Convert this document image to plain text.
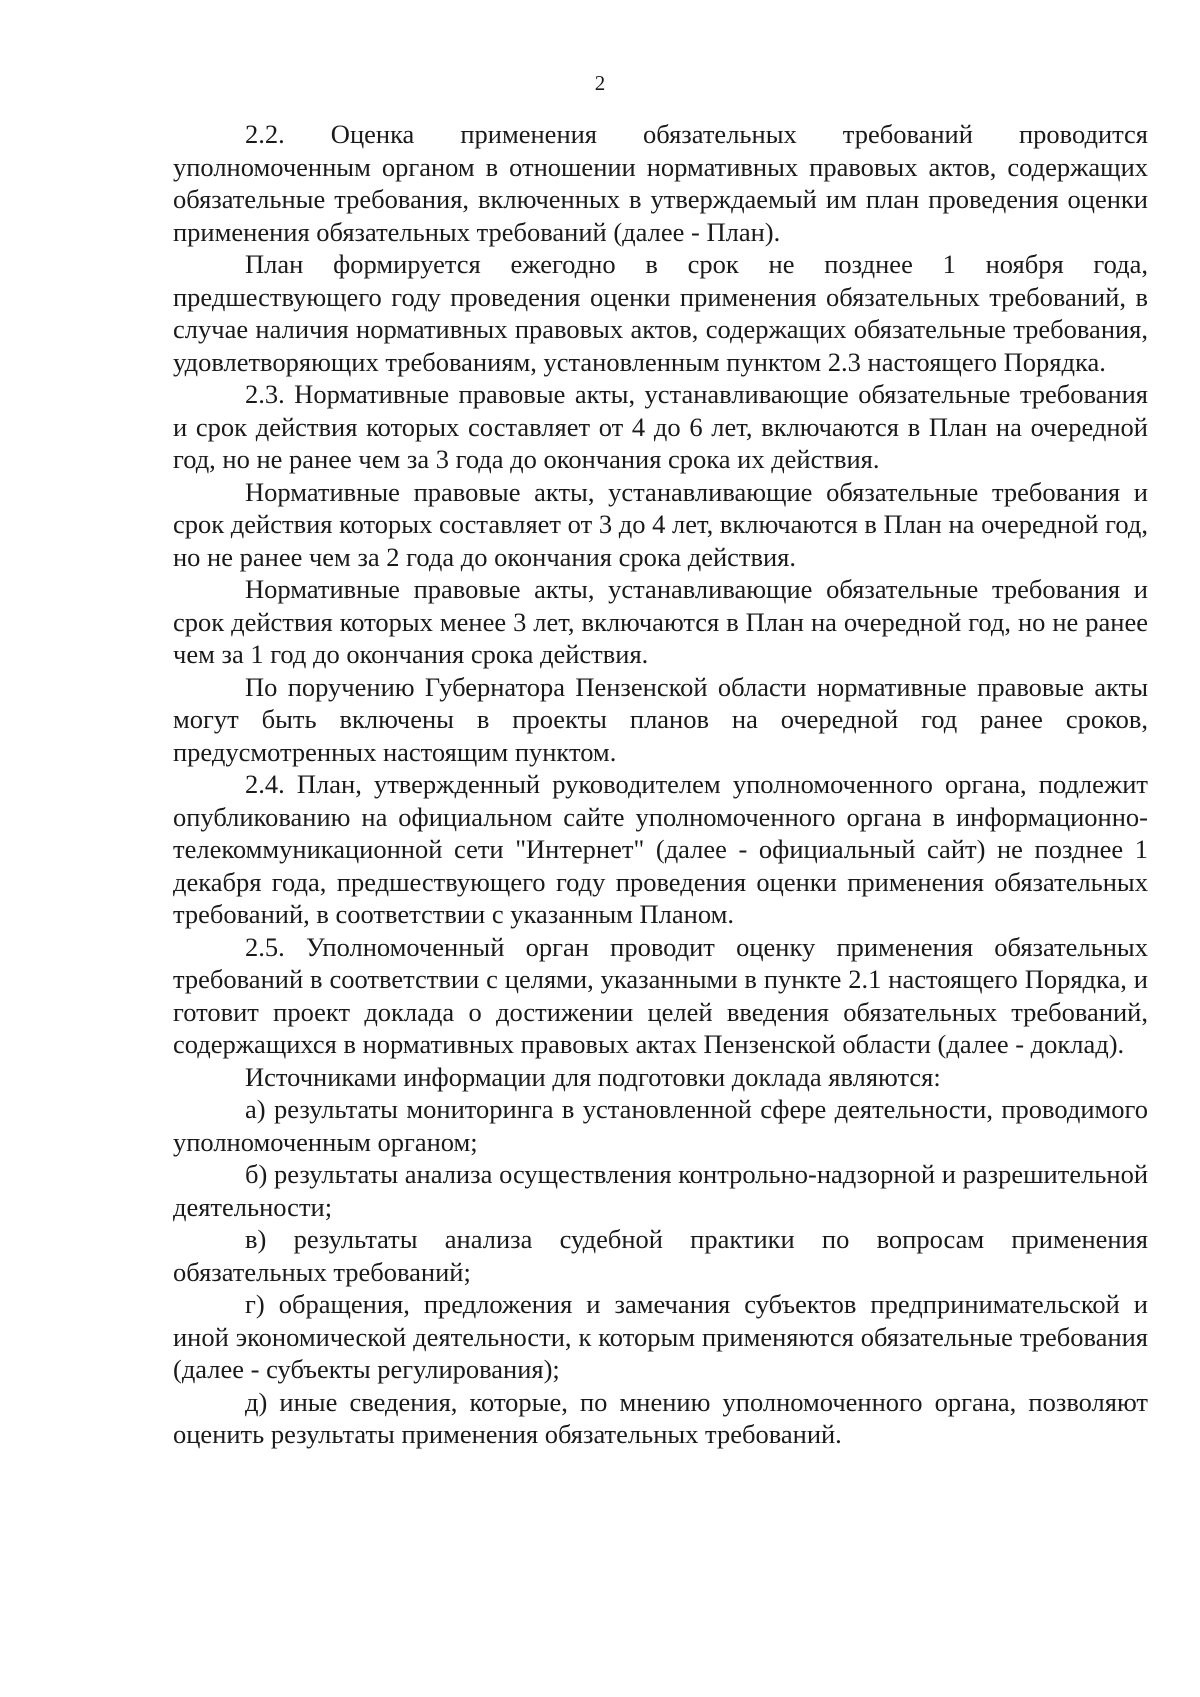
2

2.2. Оценка применения обязательных требований проводится уполномоченным органом в отношении нормативных правовых актов, содержащих обязательные требования, включенных в утверждаемый им план проведения оценки применения обязательных требований (далее - План).

План формируется ежегодно в срок не позднее 1 ноября года, предшествующего году проведения оценки применения обязательных требований, в случае наличия нормативных правовых актов, содержащих обязательные требования, удовлетворяющих требованиям, установленным пунктом 2.3 настоящего Порядка.

2.3. Нормативные правовые акты, устанавливающие обязательные требования и срок действия которых составляет от 4 до 6 лет, включаются в План на очередной год, но не ранее чем за 3 года до окончания срока их действия.

Нормативные правовые акты, устанавливающие обязательные требования и срок действия которых составляет от 3 до 4 лет, включаются в План на очередной год, но не ранее чем за 2 года до окончания срока действия.

Нормативные правовые акты, устанавливающие обязательные требования и срок действия которых менее 3 лет, включаются в План на очередной год, но не ранее чем за 1 год до окончания срока действия.

По поручению Губернатора Пензенской области нормативные правовые акты могут быть включены в проекты планов на очередной год ранее сроков, предусмотренных настоящим пунктом.

2.4. План, утвержденный руководителем уполномоченного органа, подлежит опубликованию на официальном сайте уполномоченного органа в информационно-телекоммуникационной сети "Интернет" (далее - официальный сайт) не позднее 1 декабря года, предшествующего году проведения оценки применения обязательных требований, в соответствии с указанным Планом.

2.5. Уполномоченный орган проводит оценку применения обязательных требований в соответствии с целями, указанными в пункте 2.1 настоящего Порядка, и готовит проект доклада о достижении целей введения обязательных требований, содержащихся в нормативных правовых актах Пензенской области (далее - доклад).

Источниками информации для подготовки доклада являются:

а) результаты мониторинга в установленной сфере деятельности, проводимого уполномоченным органом;

б) результаты анализа осуществления контрольно-надзорной и разрешительной деятельности;

в) результаты анализа судебной практики по вопросам применения обязательных требований;

г) обращения, предложения и замечания субъектов предпринимательской и иной экономической деятельности, к которым применяются обязательные требования (далее - субъекты регулирования);

д) иные сведения, которые, по мнению уполномоченного органа, позволяют оценить результаты применения обязательных требований.
